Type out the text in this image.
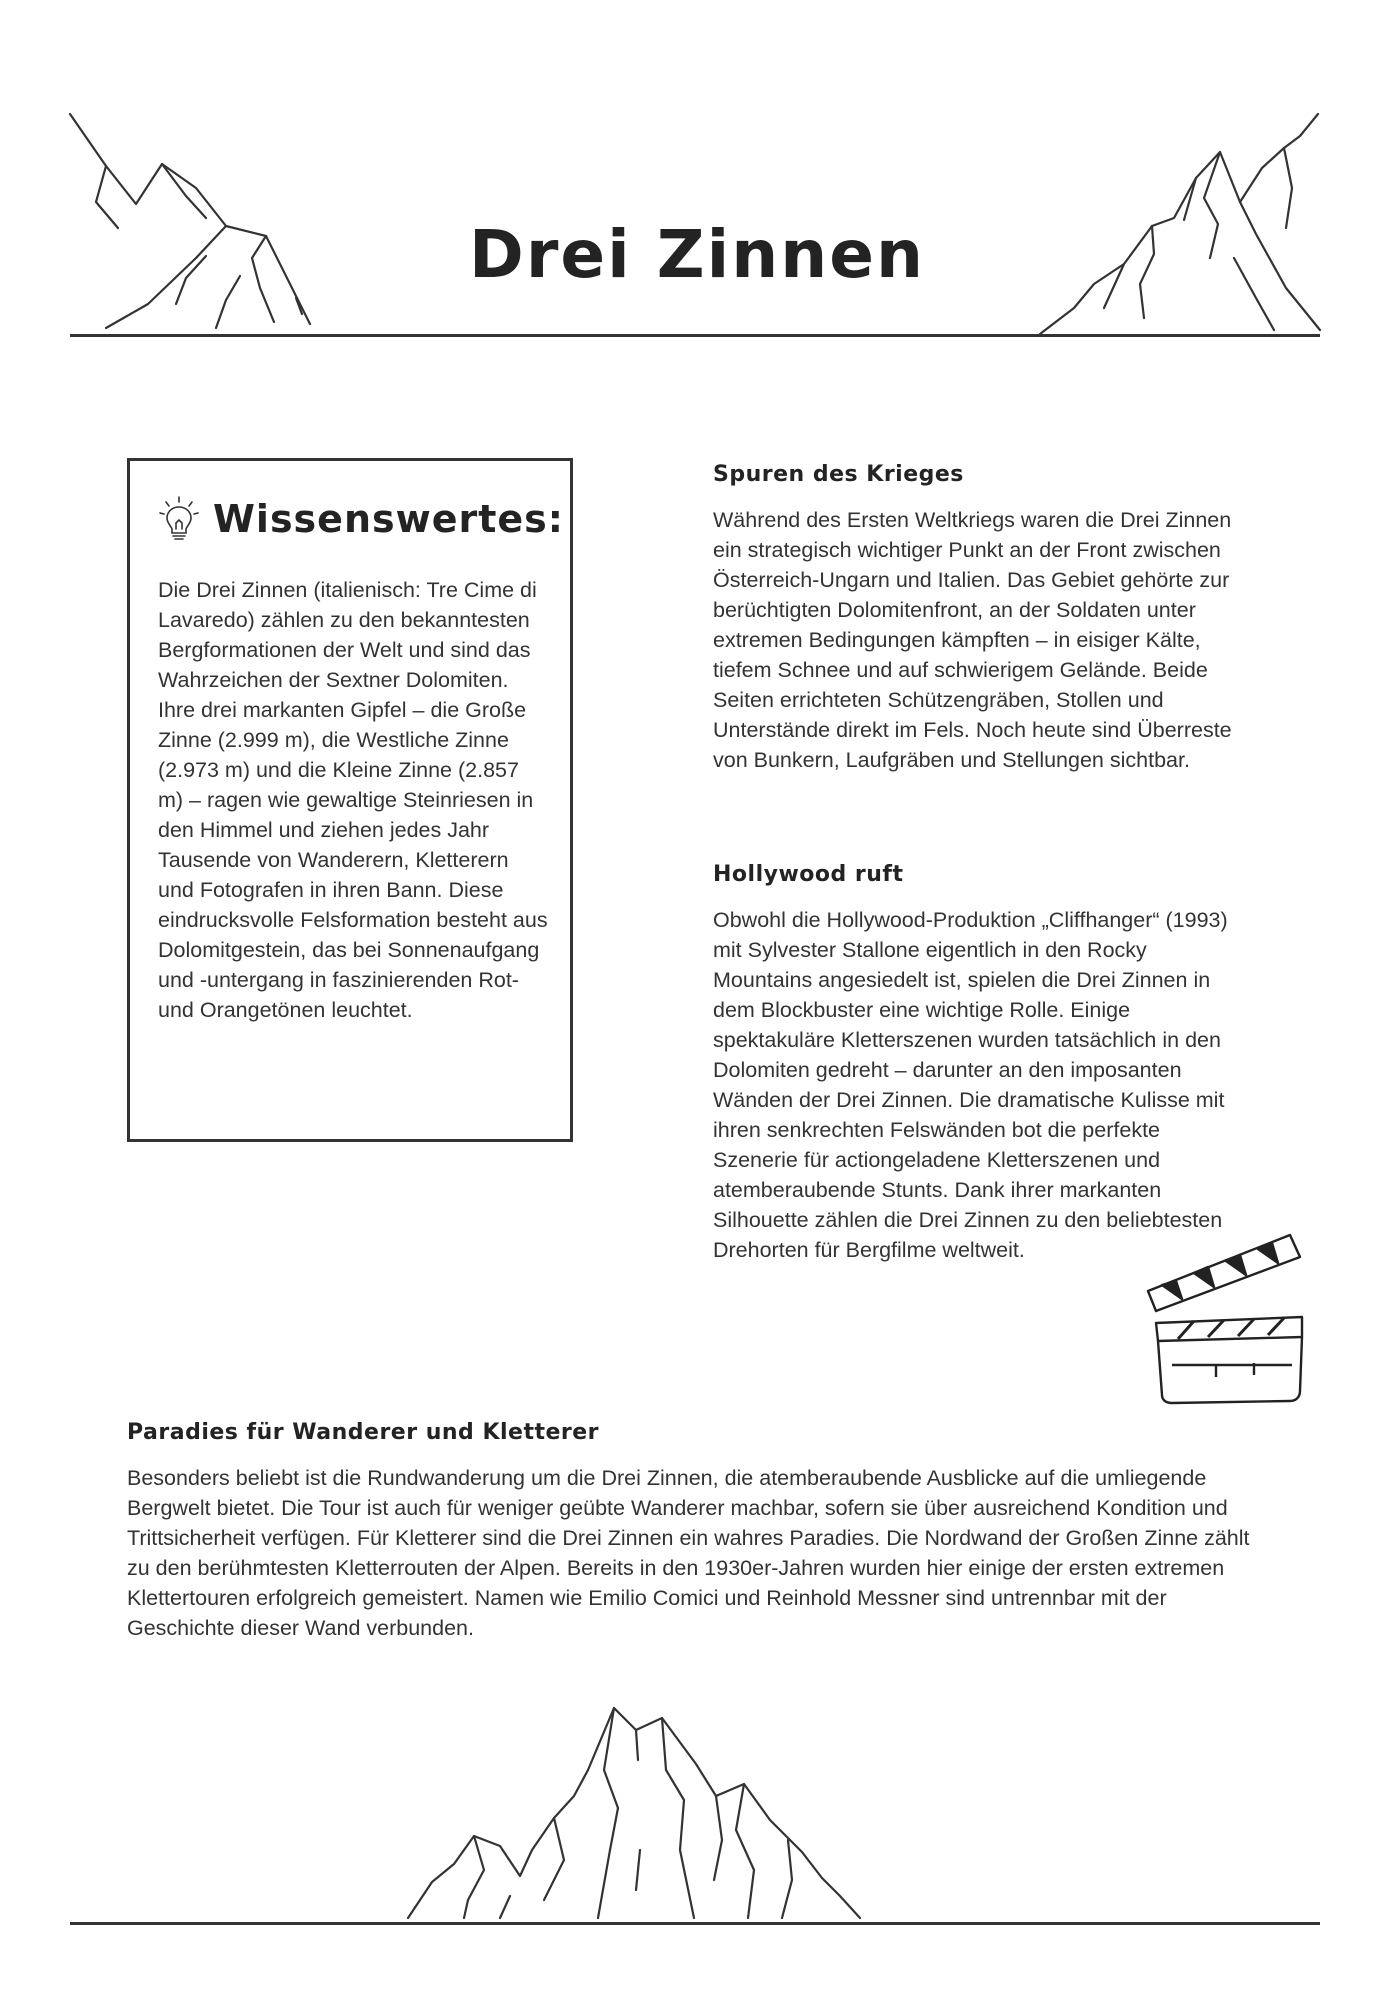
Drei Zinnen
Wissenswertes:

Die Drei Zinnen (italienisch: Tre Cime di Lavaredo) zählen zu den bekanntesten Bergformationen der Welt und sind das Wahrzeichen der Sextner Dolomiten. Ihre drei markanten Gipfel – die Große Zinne (2.999 m), die Westliche Zinne (2.973 m) und die Kleine Zinne (2.857 m) – ragen wie gewaltige Steinriesen in den Himmel und ziehen jedes Jahr Tausende von Wanderern, Kletterern und Fotografen in ihren Bann. Diese eindrucksvolle Felsformation besteht aus Dolomitgestein, das bei Sonnenaufgang und -untergang in faszinierenden Rot- und Orangetönen leuchtet.

Spuren des Krieges

Während des Ersten Weltkriegs waren die Drei Zinnen ein strategisch wichtiger Punkt an der Front zwischen Österreich-Ungarn und Italien. Das Gebiet gehörte zur berüchtigten Dolomitenfront, an der Soldaten unter extremen Bedingungen kämpften – in eisiger Kälte, tiefem Schnee und auf schwierigem Gelände. Beide Seiten errichteten Schützengräben, Stollen und Unterstände direkt im Fels. Noch heute sind Überreste von Bunkern, Laufgräben und Stellungen sichtbar.

Hollywood ruft

Obwohl die Hollywood-Produktion „Cliffhanger“ (1993) mit Sylvester Stallone eigentlich in den Rocky Mountains angesiedelt ist, spielen die Drei Zinnen in dem Blockbuster eine wichtige Rolle. Einige spektakuläre Kletterszenen wurden tatsächlich in den Dolomiten gedreht – darunter an den imposanten Wänden der Drei Zinnen. Die dramatische Kulisse mit ihren senkrechten Felswänden bot die perfekte Szenerie für actiongeladene Kletterszenen und atemberaubende Stunts. Dank ihrer markanten Silhouette zählen die Drei Zinnen zu den beliebtesten Drehorten für Bergfilme weltweit.

Paradies für Wanderer und Kletterer

Besonders beliebt ist die Rundwanderung um die Drei Zinnen, die atemberaubende Ausblicke auf die umliegende Bergwelt bietet. Die Tour ist auch für weniger geübte Wanderer machbar, sofern sie über ausreichend Kondition und Trittsicherheit verfügen. Für Kletterer sind die Drei Zinnen ein wahres Paradies. Die Nordwand der Großen Zinne zählt zu den berühmtesten Kletterrouten der Alpen. Bereits in den 1930er-Jahren wurden hier einige der ersten extremen Klettertouren erfolgreich gemeistert. Namen wie Emilio Comici und Reinhold Messner sind untrennbar mit der Geschichte dieser Wand verbunden.
